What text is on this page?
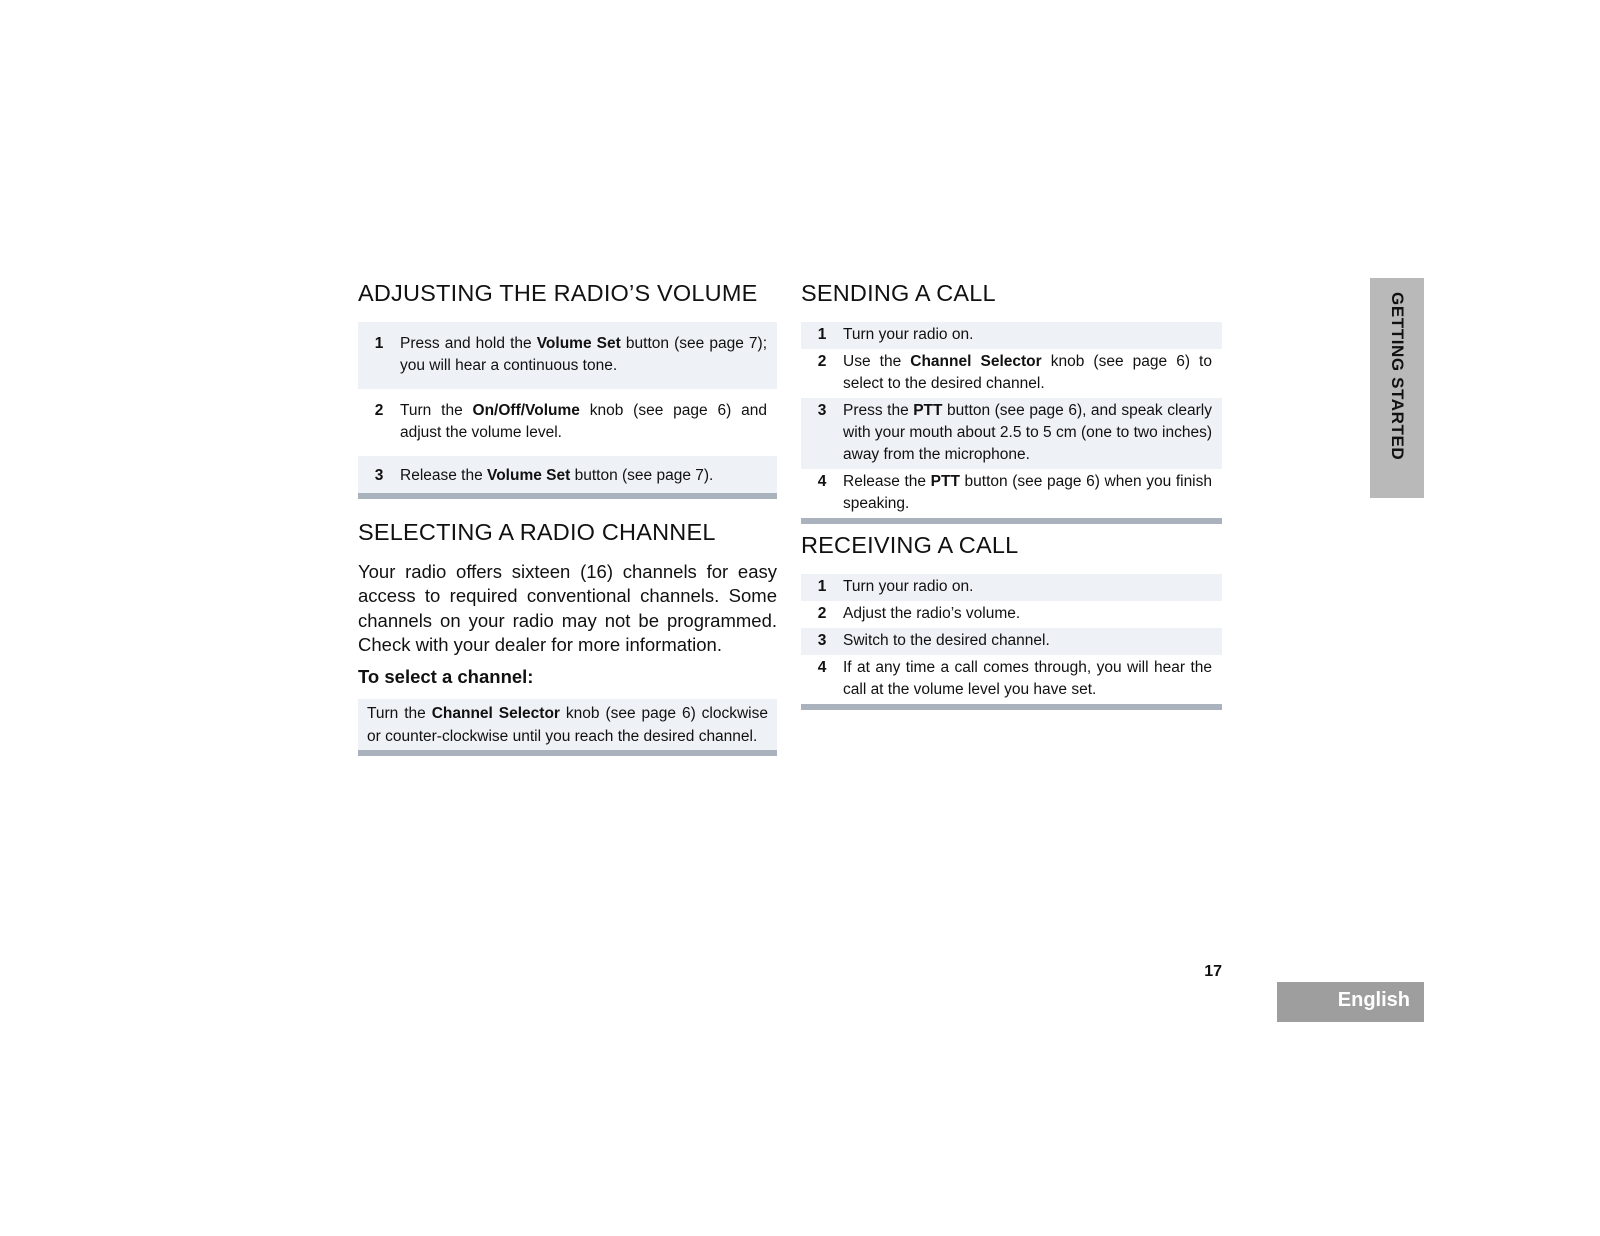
ADJUSTING THE RADIO’S VOLUME
1	Press and hold the Volume Set button (see page 7); you will hear a continuous tone.
2	Turn the On/Off/Volume knob (see page 6) and adjust the volume level.
3	Release the Volume Set button (see page 7).
SELECTING A RADIO CHANNEL

Your radio offers sixteen (16) channels for easy access to required conventional channels. Some channels on your radio may not be programmed. Check with your dealer for more information.

To select a channel:

Turn the Channel Selector knob (see page 6) clockwise or counter-clockwise until you reach the desired channel.
SENDING A CALL
1	Turn your radio on.
2	Use the Channel Selector knob (see page 6) to select to the desired channel.
3	Press the PTT button (see page 6), and speak clearly with your mouth about 2.5 to 5 cm (one to two inches) away from the microphone.
4	Release the PTT button (see page 6) when you finish speaking.
RECEIVING A CALL
1	Turn your radio on.
2	Adjust the radio’s volume.
3	Switch to the desired channel.
4	If at any time a call comes through, you will hear the call at the volume level you have set.
GETTING STARTED
17
English
